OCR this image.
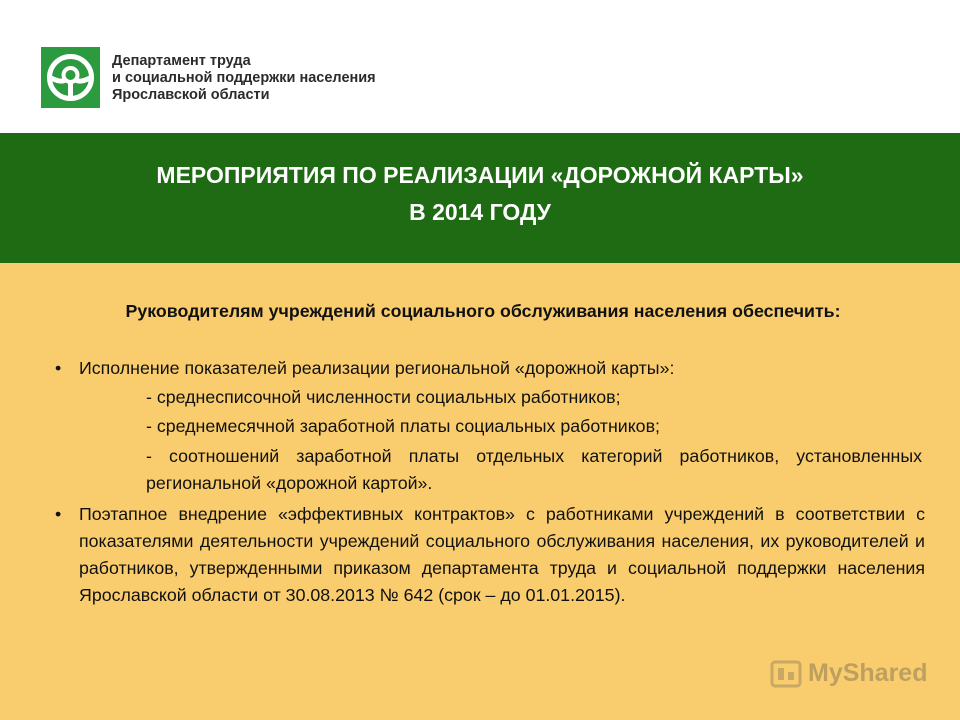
Департамент труда
и социальной поддержки населения
Ярославской области
МЕРОПРИЯТИЯ ПО РЕАЛИЗАЦИИ «ДОРОЖНОЙ КАРТЫ»
В 2014 ГОДУ
Руководителям учреждений социального обслуживания населения обеспечить:
• Исполнение показателей реализации региональной «дорожной карты»:
- среднесписочной численности социальных работников;
- среднемесячной заработной платы социальных работников;
- соотношений заработной платы отдельных категорий работников, установленных региональной «дорожной картой».
• Поэтапное внедрение «эффективных контрактов» с работниками учреждений в соответствии с показателями деятельности учреждений социального обслуживания населения, их руководителей и работников, утвержденными приказом департамента труда и социальной поддержки населения Ярославской области от 30.08.2013 № 642 (срок – до 01.01.2015).
MyShared
